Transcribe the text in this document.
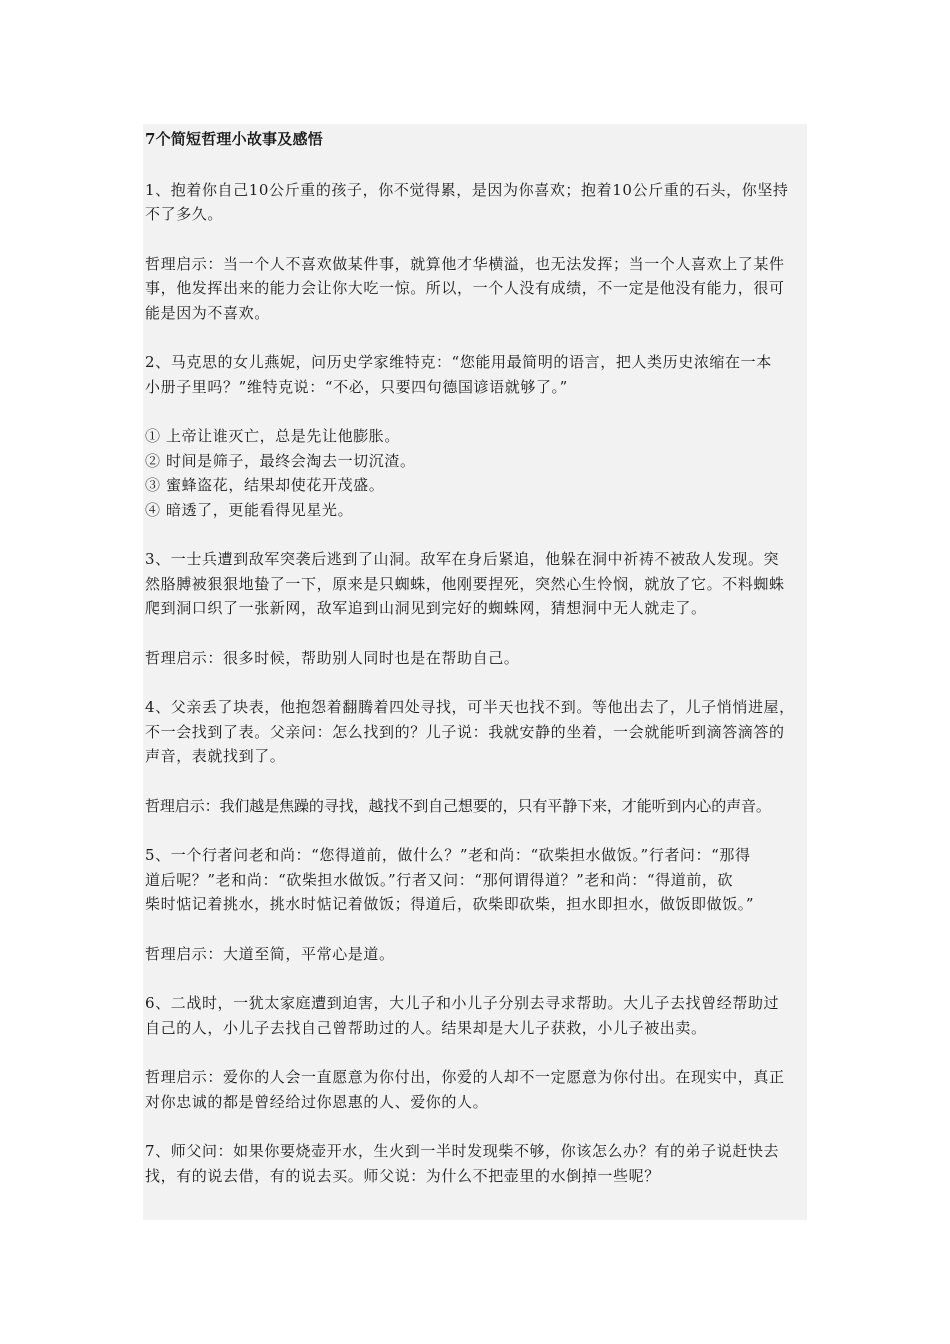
7个简短哲理小故事及感悟
1、抱着你自己10公斤重的孩子，你不觉得累，是因为你喜欢；抱着10公斤重的石头，你坚持
不了多久。
哲理启示：当一个人不喜欢做某件事，就算他才华横溢，也无法发挥；当一个人喜欢上了某件
事，他发挥出来的能力会让你大吃一惊。所以，一个人没有成绩，不一定是他没有能力，很可
能是因为不喜欢。
2、马克思的女儿燕妮，问历史学家维特克：“您能用最简明的语言，把人类历史浓缩在一本
小册子里吗？”维特克说：“不必，只要四句德国谚语就够了。”
① 上帝让谁灭亡，总是先让他膨胀。
② 时间是筛子，最终会淘去一切沉渣。
③ 蜜蜂盗花，结果却使花开茂盛。
④ 暗透了，更能看得见星光。
3、一士兵遭到敌军突袭后逃到了山洞。敌军在身后紧追，他躲在洞中祈祷不被敌人发现。突
然胳膊被狠狠地蛰了一下，原来是只蜘蛛，他刚要捏死，突然心生怜悯，就放了它。不料蜘蛛
爬到洞口织了一张新网，敌军追到山洞见到完好的蜘蛛网，猜想洞中无人就走了。
哲理启示：很多时候，帮助别人同时也是在帮助自己。
4、父亲丢了块表，他抱怨着翻腾着四处寻找，可半天也找不到。等他出去了，儿子悄悄进屋，
不一会找到了表。父亲问：怎么找到的？儿子说：我就安静的坐着，一会就能听到滴答滴答的
声音，表就找到了。
哲理启示：我们越是焦躁的寻找，越找不到自己想要的，只有平静下来，才能听到内心的声音。
5、一个行者问老和尚：“您得道前，做什么？”老和尚：“砍柴担水做饭。”行者问：“那得
道后呢？”老和尚：“砍柴担水做饭。”行者又问：“那何谓得道？”老和尚：“得道前，砍
柴时惦记着挑水，挑水时惦记着做饭；得道后，砍柴即砍柴，担水即担水，做饭即做饭。”
哲理启示：大道至简，平常心是道。
6、二战时，一犹太家庭遭到迫害，大儿子和小儿子分别去寻求帮助。大儿子去找曾经帮助过
自己的人，小儿子去找自己曾帮助过的人。结果却是大儿子获救，小儿子被出卖。
哲理启示：爱你的人会一直愿意为你付出，你爱的人却不一定愿意为你付出。在现实中，真正
对你忠诚的都是曾经给过你恩惠的人、爱你的人。
7、师父问：如果你要烧壶开水，生火到一半时发现柴不够，你该怎么办？有的弟子说赶快去
找，有的说去借，有的说去买。师父说：为什么不把壶里的水倒掉一些呢？
